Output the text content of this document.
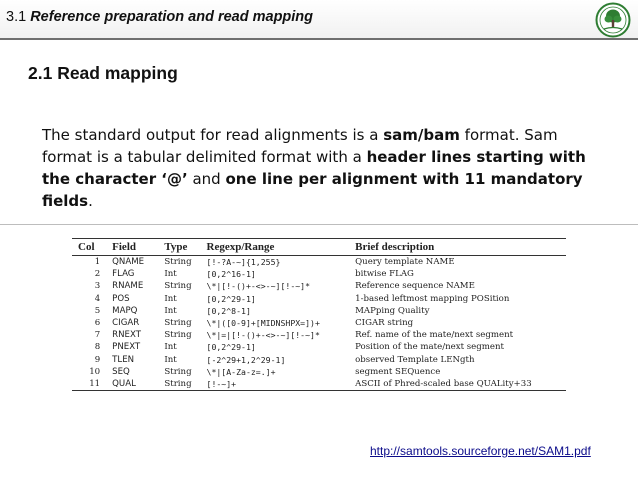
3.1 Reference preparation and read mapping
2.1 Read mapping
The standard output for read alignments is a sam/bam format. Sam format is a tabular delimited format with a header lines starting with the character ‘@’ and one line per alignment with 11 mandatory fields.
Col	Field	Type	Regexp/Range	Brief description
1	QNAME	String	[!-?A-~]{1,255}	Query template NAME
2	FLAG	Int	[0,2^16-1]	bitwise FLAG
3	RNAME	String	\*|[!-()+-<>-~][!-~]*	Reference sequence NAME
4	POS	Int	[0,2^29-1]	1-based leftmost mapping POSition
5	MAPQ	Int	[0,2^8-1]	MAPping Quality
6	CIGAR	String	\*|([0-9]+[MIDNSHPX=])+	CIGAR string
7	RNEXT	String	\*|=|[!-()+-<>-~][!-~]*	Ref. name of the mate/next segment
8	PNEXT	Int	[0,2^29-1]	Position of the mate/next segment
9	TLEN	Int	[-2^29+1,2^29-1]	observed Template LENgth
10	SEQ	String	\*|[A-Za-z=.]+	segment SEQuence
11	QUAL	String	[!-~]+	ASCII of Phred-scaled base QUALity+33
http://samtools.sourceforge.net/SAM1.pdf
